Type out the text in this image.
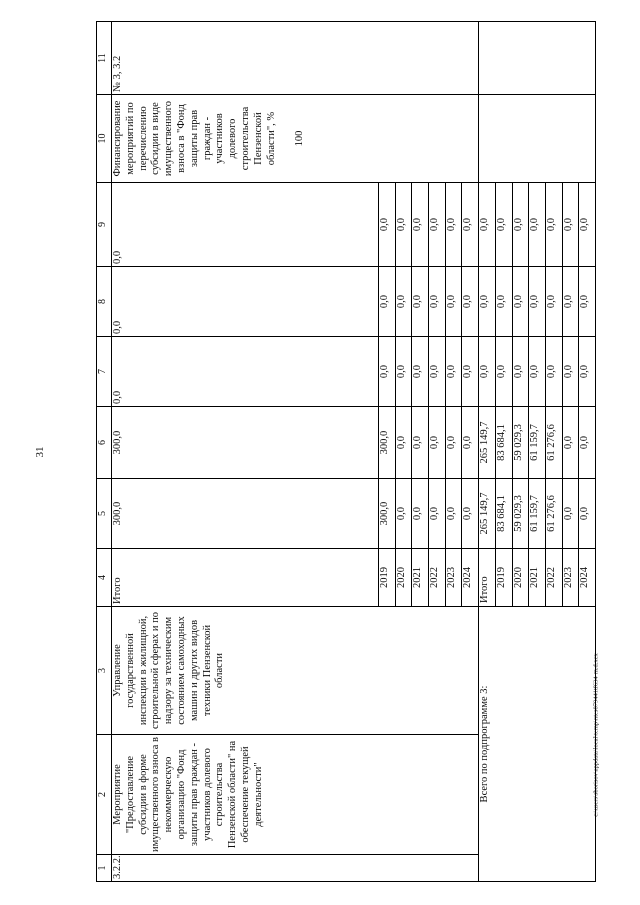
31
c:\users\sborisov\appdata\local\temp\ntes879441tf634-m.d.xcx
1	2	3	4	5	6	7	8	9	10	11
3.2.2.	Мероприятие "Предоставление субсидии в форме имущественного взноса в некоммерческую организацию "Фонд защиты прав граждан - участников долевого строительства Пензенской области" на обеспечение текущей деятельности"	Управление государственной инспекции в жилищной, строительной сферах и по надзору за техническим состоянием самоходных машин и других видов техники Пензенской области	Итого	300,0	300,0	0,0	0,0	0,0	Финансирование мероприятий по перечислению субсидии в виде имущественного взноса в "Фонд защиты прав граждан - участников долевого строительства Пензенской области", % 100	№ 3, 3.2
			2019	300,0	300,0	0,0	0,0	0,0		
			2020	0,0	0,0	0,0	0,0	0,0		
			2021	0,0	0,0	0,0	0,0	0,0		
			2022	0,0	0,0	0,0	0,0	0,0		
			2023	0,0	0,0	0,0	0,0	0,0		
			2024	0,0	0,0	0,0	0,0	0,0		
Всего по подпрограмме 3:			Итого	265 149,7	265 149,7	0,0	0,0	0,0		
			2019	83 684,1	83 684,1	0,0	0,0	0,0		
			2020	59 029,3	59 029,3	0,0	0,0	0,0		
			2021	61 159,7	61 159,7	0,0	0,0	0,0		
			2022	61 276,6	61 276,6	0,0	0,0	0,0		
			2023	0,0	0,0	0,0	0,0	0,0		
			2024	0,0	0,0	0,0	0,0	0,0		
